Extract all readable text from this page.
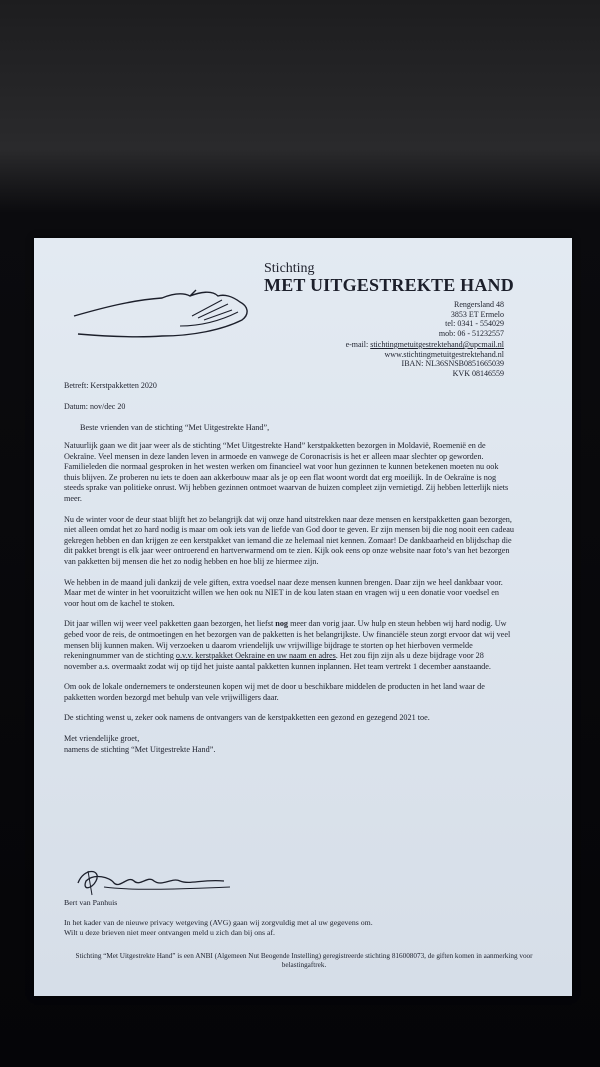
Stichting
MET UITGESTREKTE HAND
Rengersland 48
3853 ET Ermelo
tel: 0341 - 554029
mob: 06 - 51232557
e-mail: stichtingmetuitgestrektehand@upcmail.nl
www.stichtingmetuitgestrektehand.nl
IBAN: NL36SNSB0851665039
KVK 08146559
Betreft: Kerstpakketten 2020
Datum: nov/dec 20
Beste vrienden van de stichting “Met Uitgestrekte Hand”,

Natuurlijk gaan we dit jaar weer als de stichting “Met Uitgestrekte Hand” kerstpakketten bezorgen in Moldavië, Roemenië en de Oekraïne. Veel mensen in deze landen leven in armoede en vanwege de Coronacrisis is het er alleen maar slechter op geworden. Familieleden die normaal gesproken in het westen werken om financieel wat voor hun gezinnen te kunnen betekenen moeten nu ook thuis blijven. Ze proberen nu iets te doen aan akkerbouw maar als je op een flat woont wordt dat erg moeilijk. In de Oekraïne is nog steeds sprake van politieke onrust. Wij hebben gezinnen ontmoet waarvan de huizen compleet zijn vernietigd. Zij hebben letterlijk niets meer.

Nu de winter voor de deur staat blijft het zo belangrijk dat wij onze hand uitstrekken naar deze mensen en kerstpakketten gaan bezorgen, niet alleen omdat het zo hard nodig is maar om ook iets van de liefde van God door te geven. Er zijn mensen bij die nog nooit een cadeau gekregen hebben en dan krijgen ze een kerstpakket van iemand die ze helemaal niet kennen. Zomaar! De dankbaarheid en blijdschap die dit pakket brengt is elk jaar weer ontroerend en hartverwarmend om te zien. Kijk ook eens op onze website naar foto’s van het bezorgen van pakketten bij mensen die het zo nodig hebben en hoe blij ze hiermee zijn.

We hebben in de maand juli dankzij de vele giften, extra voedsel naar deze mensen kunnen brengen. Daar zijn we heel dankbaar voor. Maar met de winter in het vooruitzicht willen we hen ook nu NIET in de kou laten staan en vragen wij u een donatie voor voedsel en voor hout om de kachel te stoken.

Dit jaar willen wij weer veel pakketten gaan bezorgen, het liefst nog meer dan vorig jaar. Uw hulp en steun hebben wij hard nodig. Uw gebed voor de reis, de ontmoetingen en het bezorgen van de pakketten is het belangrijkste. Uw financiële steun zorgt ervoor dat wij veel mensen blij kunnen maken. Wij verzoeken u daarom vriendelijk uw vrijwillige bijdrage te storten op het hierboven vermelde rekeningnummer van de stichting o.v.v. kerstpakket Oekraine en uw naam en adres. Het zou fijn zijn als u deze bijdrage voor 28 november a.s. overmaakt zodat wij op tijd het juiste aantal pakketten kunnen inplannen. Het team vertrekt 1 december aanstaande.

Om ook de lokale ondernemers te ondersteunen kopen wij met de door u beschikbare middelen de producten in het land waar de pakketten worden bezorgd met behulp van vele vrijwilligers daar.

De stichting wenst u, zeker ook namens de ontvangers van de kerstpakketten een gezond en gezegend 2021 toe.

Met vriendelijke groet,
namens de stichting “Met Uitgestrekte Hand”.
Bert van Panhuis
In het kader van de nieuwe privacy wetgeving (AVG) gaan wij zorgvuldig met al uw gegevens om.
Wilt u deze brieven niet meer ontvangen meld u zich dan bij ons af.
Stichting “Met Uitgestrekte Hand” is een ANBI (Algemeen Nut Beogende Instelling) geregistreerde stichting 816008073, de giften komen in aanmerking voor belastingaftrek.
